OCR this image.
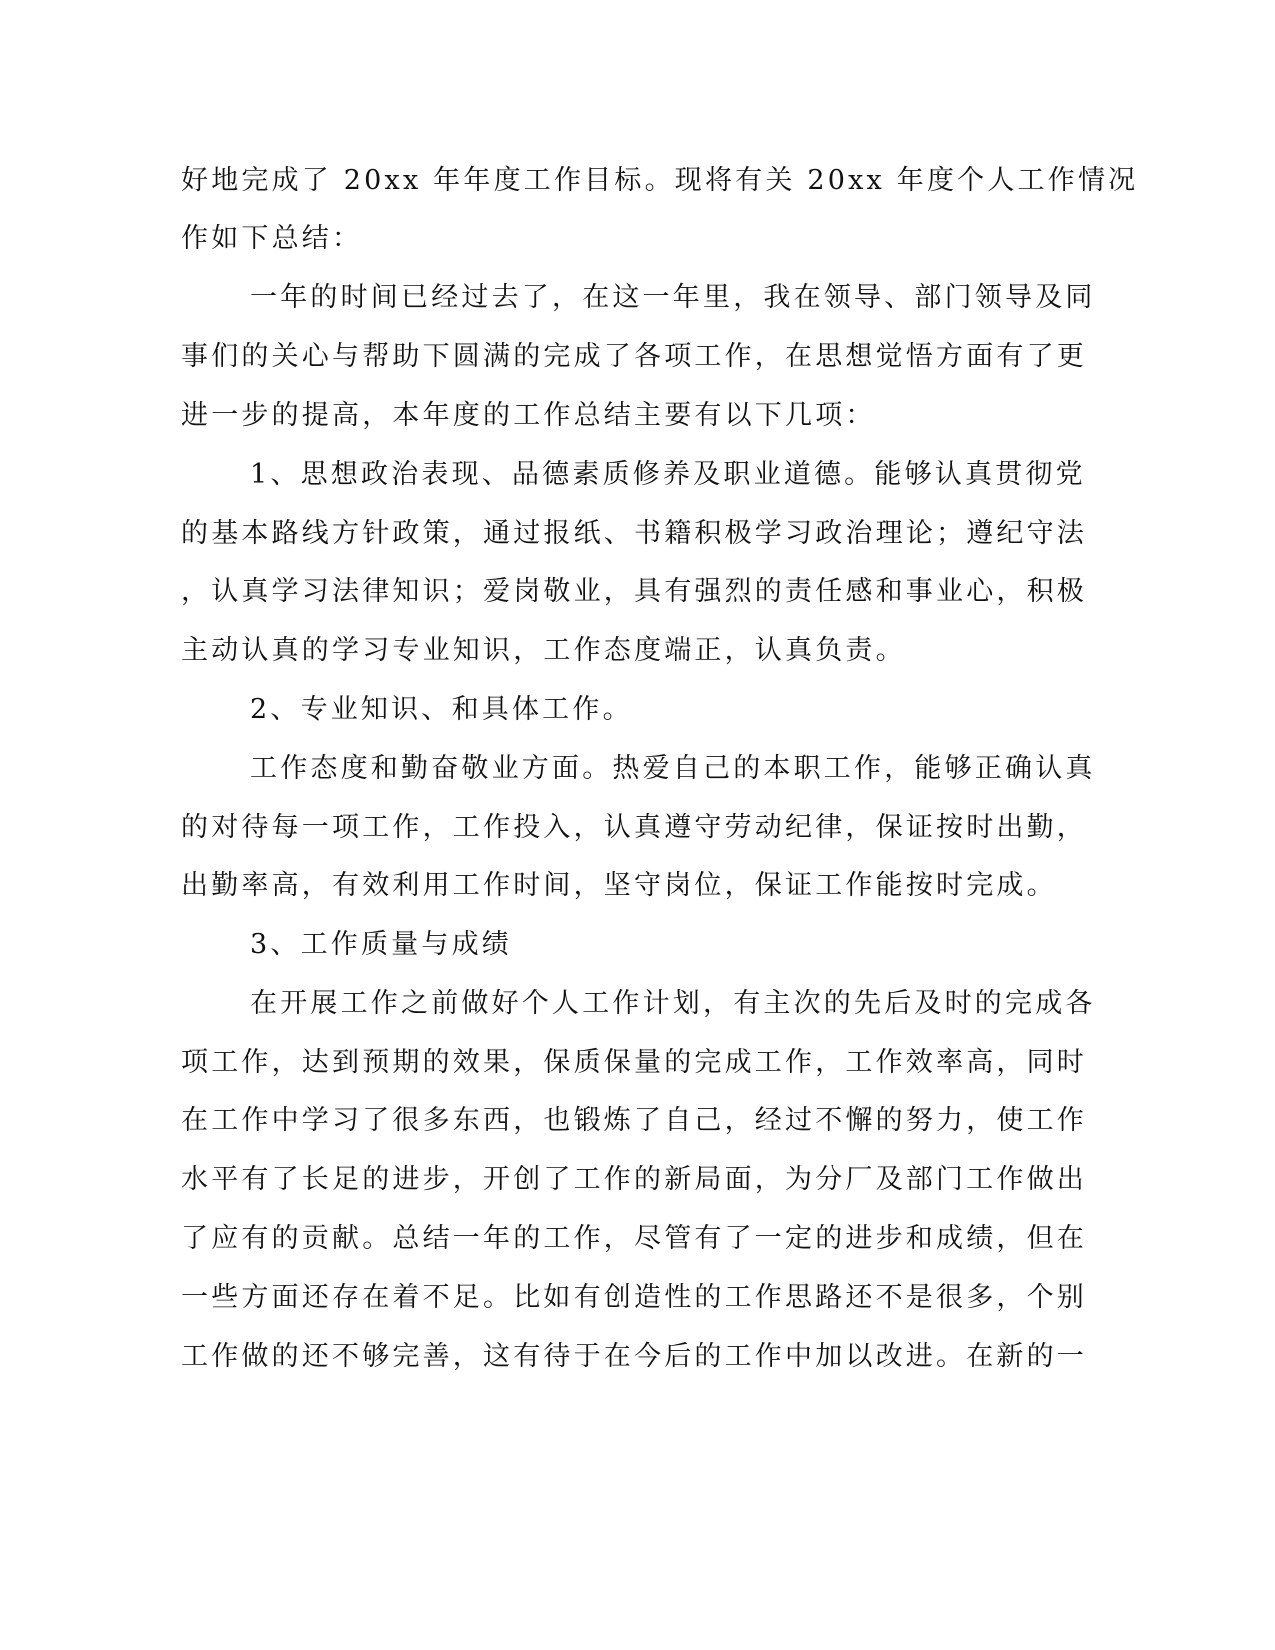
好地完成了 20xx 年年度工作目标。现将有关 20xx 年度个人工作情况
作如下总结：
一年的时间已经过去了，在这一年里，我在领导、部门领导及同
事们的关心与帮助下圆满的完成了各项工作，在思想觉悟方面有了更
进一步的提高，本年度的工作总结主要有以下几项：
1、思想政治表现、品德素质修养及职业道德。能够认真贯彻党
的基本路线方针政策，通过报纸、书籍积极学习政治理论；遵纪守法
，认真学习法律知识；爱岗敬业，具有强烈的责任感和事业心，积极
主动认真的学习专业知识，工作态度端正，认真负责。
2、专业知识、和具体工作。
工作态度和勤奋敬业方面。热爱自己的本职工作，能够正确认真
的对待每一项工作，工作投入，认真遵守劳动纪律，保证按时出勤，
出勤率高，有效利用工作时间，坚守岗位，保证工作能按时完成。
3、工作质量与成绩
在开展工作之前做好个人工作计划，有主次的先后及时的完成各
项工作，达到预期的效果，保质保量的完成工作，工作效率高，同时
在工作中学习了很多东西，也锻炼了自己，经过不懈的努力，使工作
水平有了长足的进步，开创了工作的新局面，为分厂及部门工作做出
了应有的贡献。总结一年的工作，尽管有了一定的进步和成绩，但在
一些方面还存在着不足。比如有创造性的工作思路还不是很多，个别
工作做的还不够完善，这有待于在今后的工作中加以改进。在新的一
